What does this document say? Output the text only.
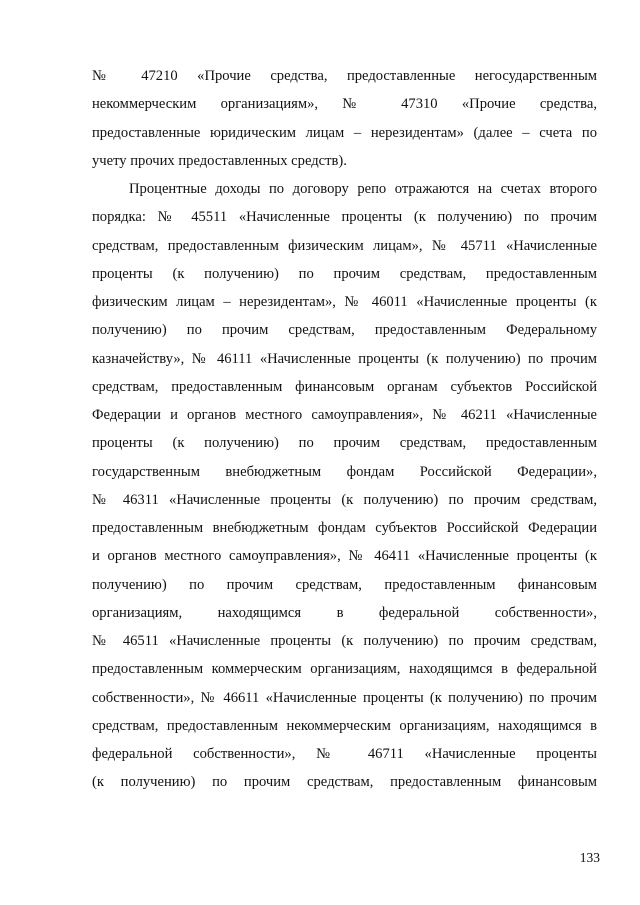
№ 47210 «Прочие средства, предоставленные негосударственным
некоммерческим организациям», № 47310 «Прочие средства,
предоставленные юридическим лицам – нерезидентам» (далее – счета по
учету прочих предоставленных средств).
Процентные доходы по договору репо отражаются на счетах второго
порядка: № 45511 «Начисленные проценты (к получению) по прочим
средствам, предоставленным физическим лицам», № 45711 «Начисленные
проценты (к получению) по прочим средствам, предоставленным
физическим лицам – нерезидентам», № 46011 «Начисленные проценты (к
получению) по прочим средствам, предоставленным Федеральному
казначейству», № 46111 «Начисленные проценты (к получению) по прочим
средствам, предоставленным финансовым органам субъектов Российской
Федерации и органов местного самоуправления», № 46211 «Начисленные
проценты (к получению) по прочим средствам, предоставленным
государственным внебюджетным фондам Российской Федерации»,
№ 46311 «Начисленные проценты (к получению) по прочим средствам,
предоставленным внебюджетным фондам субъектов Российской Федерации
и органов местного самоуправления», № 46411 «Начисленные проценты (к
получению) по прочим средствам, предоставленным финансовым
организациям, находящимся в федеральной собственности»,
№ 46511 «Начисленные проценты (к получению) по прочим средствам,
предоставленным коммерческим организациям, находящимся в федеральной
собственности», № 46611 «Начисленные проценты (к получению) по прочим
средствам, предоставленным некоммерческим организациям, находящимся в
федеральной собственности», № 46711 «Начисленные проценты
(к получению) по прочим средствам, предоставленным финансовым
133
